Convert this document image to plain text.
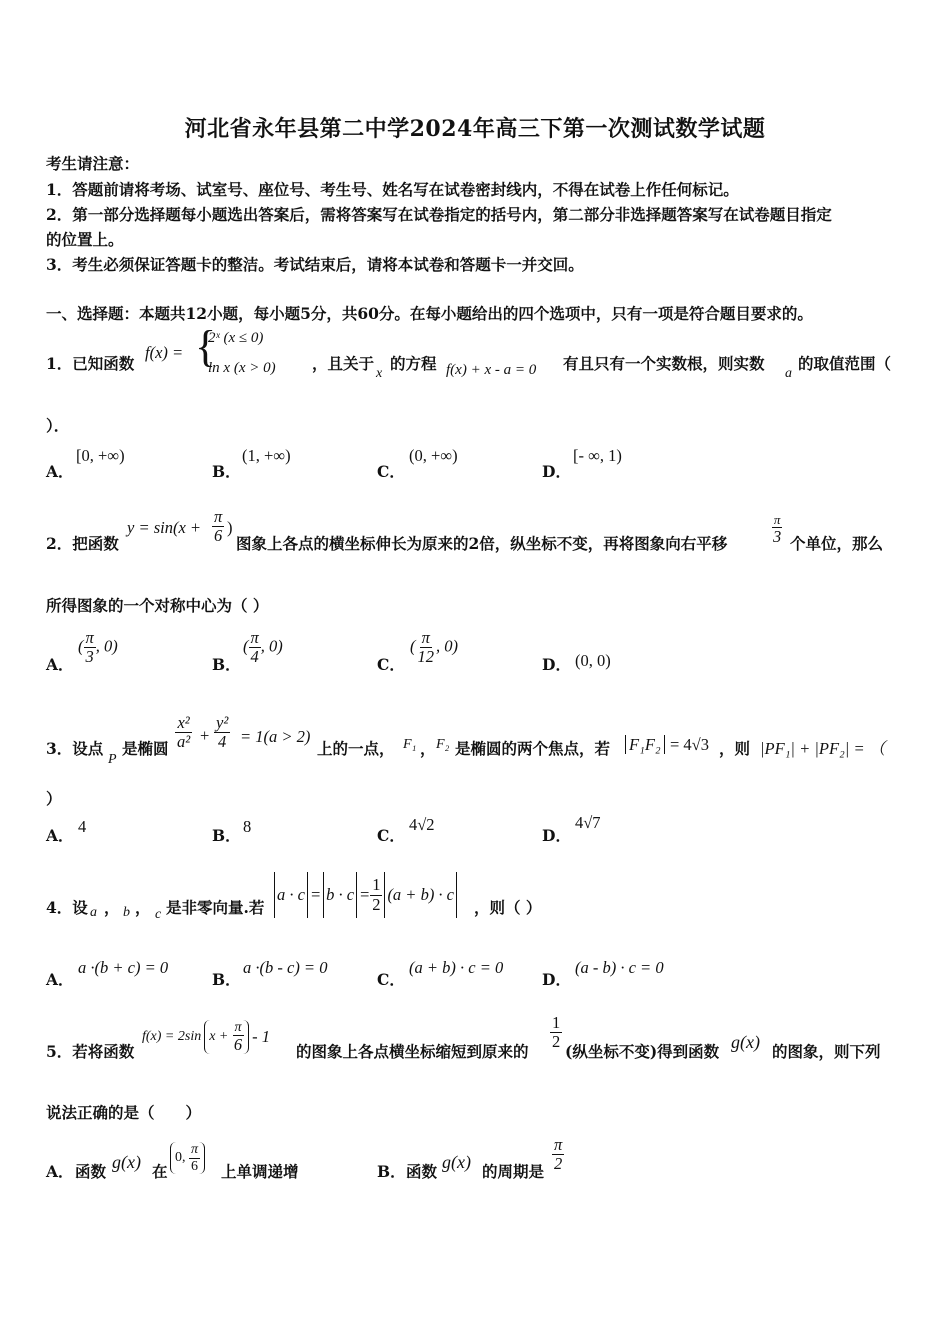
河北省永年县第二中学2024年高三下第一次测试数学试题
考生请注意：
1．答题前请将考场、试室号、座位号、考生号、姓名写在试卷密封线内，不得在试卷上作任何标记。
2．第一部分选择题每小题选出答案后，需将答案写在试卷指定的括号内，第二部分非选择题答案写在试卷题目指定
的位置上。
3．考生必须保证答题卡的整洁。考试结束后，请将本试卷和答题卡一并交回。
一、选择题：本题共12小题，每小题5分，共60分。在每小题给出的四个选项中，只有一项是符合题目要求的。
1．已知函数
f(x) = {
2ˣ (x ≤ 0)
ln x (x > 0) ，且关于
x
的方程 f(x) + x - a = 0 有且只有一个实数根，则实数
a
的取值范围（
）．
A．
[0, +∞)
B．
(1, +∞)
C．
(0, +∞)
D．
[- ∞, 1)
2．把函数
$y = \sin(x + \frac{\pi}{6}$ )
图象上各点的横坐标伸长为原来的2倍，纵坐标不变，再将图象向右平移	$\frac{\pi}{3}$ 个单位，那么
所得图象的一个对称中心为（ ）
A．
( $\frac{\pi}{3}$ , 0)
B．
( $\frac{\pi}{4}$ , 0)
C．
( $\frac{\pi}{12}$ , 0)
D． (0, 0)
3．设点
P
是椭圆 $\frac{\text{x²}}{\text{a²}} + \frac{\text{y²}}{4} = 1(a > 2)$
上的一点， F₁ ， F₂ 是椭圆的两个焦点，若 F₁F₂ = 4√3 ，则 |PF₁| + |PF₂| = （
）
A． 4	B． 8	C．
4√2
D．
4√7
4．设 a ， b ， c 是非零向量.若
$a \cdot c = b \cdot c = \frac{1}{2} (a + b) \cdot c$
，则（ ）
A．
a ·(b + c) = 0
B．
a ·(b - c) = 0
C．
(a + b) · c = 0
D．
(a - b) · c = 0
5．若将函数
f(x) = 2sin x +
$\frac{\pi}{6} - 1$
的图象上各点横坐标缩短到原来的
$\frac{1}{2}$
(纵坐标不变)得到函数 g(x) 的图象，则下列
说法正确的是（　　）
A． 函数 g(x) 在
0,
$\frac{\pi}{6}$ 上单调递增	B． 函数 g(x) 的周期是 $\frac{\pi}{2}$
